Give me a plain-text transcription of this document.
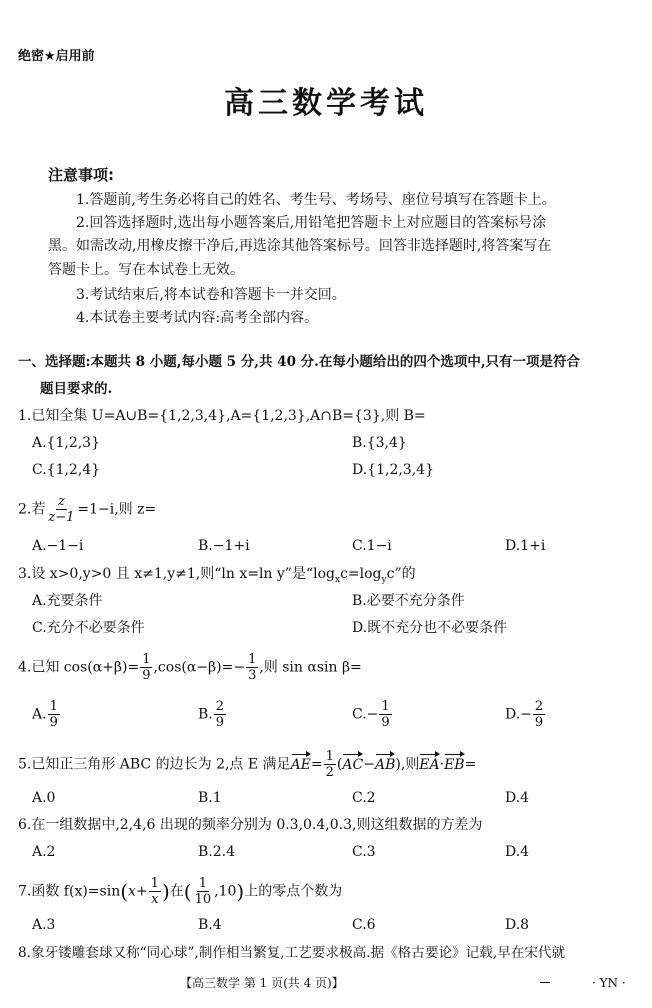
绝密★启用前
高三数学考试
注意事项:
1.答题前,考生务必将自己的姓名、考生号、考场号、座位号填写在答题卡上。
2.回答选择题时,选出每小题答案后,用铅笔把答题卡上对应题目的答案标号涂
黑。如需改动,用橡皮擦干净后,再选涂其他答案标号。回答非选择题时,将答案写在
答题卡上。写在本试卷上无效。
3.考试结束后,将本试卷和答题卡一并交回。
4.本试卷主要考试内容:高考全部内容。
一、选择题:本题共 8 小题,每小题 5 分,共 40 分.在每小题给出的四个选项中,只有一项是符合
题目要求的.
1.已知全集 U=A∪B={1,2,3,4},A={1,2,3},A∩B={3},则 B=
A.{1,2,3}	B.{3,4}
C.{1,2,4}	D.{1,2,3,4}
2.若 $\frac{z}{z-1} =1-i$,则 z=
A.−1−i	B.−1+i	C.1−i	D.1+i
3.设 x>0,y>0 且 x≠1,y≠1,则“ln x=ln y”是“$\log_xc=\log_yc$”的
A.充要条件	B.必要不充分条件
C.充分不必要条件	D.既不充分也不必要条件
4.已知 $\cos(\alpha+\beta)= \frac{1}{9} ,\cos(\alpha-\beta)=- \frac{1}{3}$ ,则 sin αsin β=
A. $\frac{1}{9}$	B. $\frac{2}{9}$	$C.- \frac{1}{9}$	$D.- \frac{2}{9}$
5.已知正三角形 ABC 的边长为 2,点 E 满足$AE= \frac{1}{2} (AC-AB)$,则EA·EB=
A.0	B.1	C.2	D.4
6.在一组数据中,2,4,6 出现的频率分别为 0.3,0.4,0.3,则这组数据的方差为
A.2	B.2.4	C.3	D.4
7.函数 $f(x)=\sin(x+ \frac{1}{x}$ )在( $\frac{1}{10} ,10$)上的零点个数为
A.3	B.4	C.6	D.8
8.象牙镂雕套球又称“同心球”,制作相当繁复,工艺要求极高.据《格古要论》记载,早在宋代就
【高三数学 第 1 页(共 4 页)】	· YN ·
